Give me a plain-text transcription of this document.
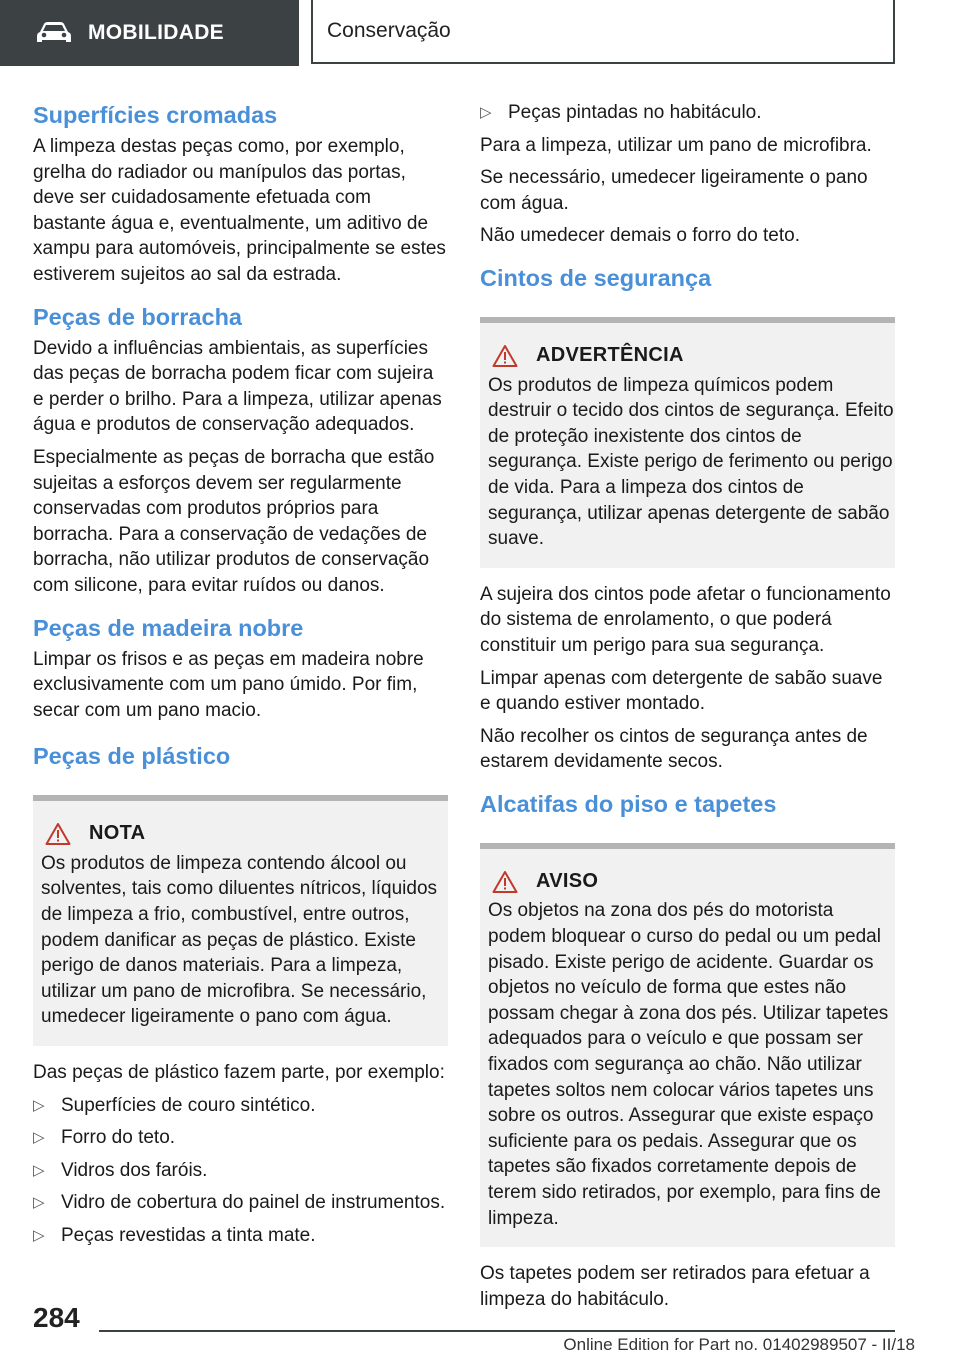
MOBILIDADE	Conservação
Superfícies cromadas

A limpeza destas peças como, por exemplo, grelha do radiador ou manípulos das portas, deve ser cuidadosamente efetuada com bastante água e, eventualmente, um aditivo de xampu para automóveis, principalmente se estes estiverem sujeitos ao sal da estrada.

Peças de borracha

Devido a influências ambientais, as superfícies das peças de borracha podem ficar com sujeira e perder o brilho. Para a limpeza, utilizar apenas água e produtos de conservação adequados.

Especialmente as peças de borracha que estão sujeitas a esforços devem ser regularmente conservadas com produtos próprios para borracha. Para a conservação de vedações de borracha, não utilizar produtos de conservação com silicone, para evitar ruídos ou danos.

Peças de madeira nobre

Limpar os frisos e as peças em madeira nobre exclusivamente com um pano úmido. Por fim, secar com um pano macio.

Peças de plástico
NOTA

Os produtos de limpeza contendo álcool ou solventes, tais como diluentes nítricos, líquidos de limpeza a frio, combustível, entre outros, podem danificar as peças de plástico. Existe perigo de danos materiais. Para a limpeza, utilizar um pano de microfibra. Se necessário, umedecer ligeiramente o pano com água.

Das peças de plástico fazem parte, por exemplo:

▷ Superfícies de couro sintético.
▷ Forro do teto.
▷ Vidros dos faróis.
▷ Vidro de cobertura do painel de instrumentos.
▷ Peças revestidas a tinta mate.
▷ Peças pintadas no habitáculo.

Para a limpeza, utilizar um pano de microfibra.

Se necessário, umedecer ligeiramente o pano com água.

Não umedecer demais o forro do teto.

Cintos de segurança
ADVERTÊNCIA

Os produtos de limpeza químicos podem destruir o tecido dos cintos de segurança. Efeito de proteção inexistente dos cintos de segurança. Existe perigo de ferimento ou perigo de vida. Para a limpeza dos cintos de segurança, utilizar apenas detergente de sabão suave.

A sujeira dos cintos pode afetar o funcionamento do sistema de enrolamento, o que poderá constituir um perigo para sua segurança.

Limpar apenas com detergente de sabão suave e quando estiver montado.

Não recolher os cintos de segurança antes de estarem devidamente secos.

Alcatifas do piso e tapetes
AVISO

Os objetos na zona dos pés do motorista podem bloquear o curso do pedal ou um pedal pisado. Existe perigo de acidente. Guardar os objetos no veículo de forma que estes não possam chegar à zona dos pés. Utilizar tapetes adequados para o veículo e que possam ser fixados com segurança ao chão. Não utilizar tapetes soltos nem colocar vários tapetes uns sobre os outros. Assegurar que existe espaço suficiente para os pedais. Assegurar que os tapetes são fixados corretamente depois de terem sido retirados, por exemplo, para fins de limpeza.

Os tapetes podem ser retirados para efetuar a limpeza do habitáculo.

284
Online Edition for Part no. 01402989507 - II/18
